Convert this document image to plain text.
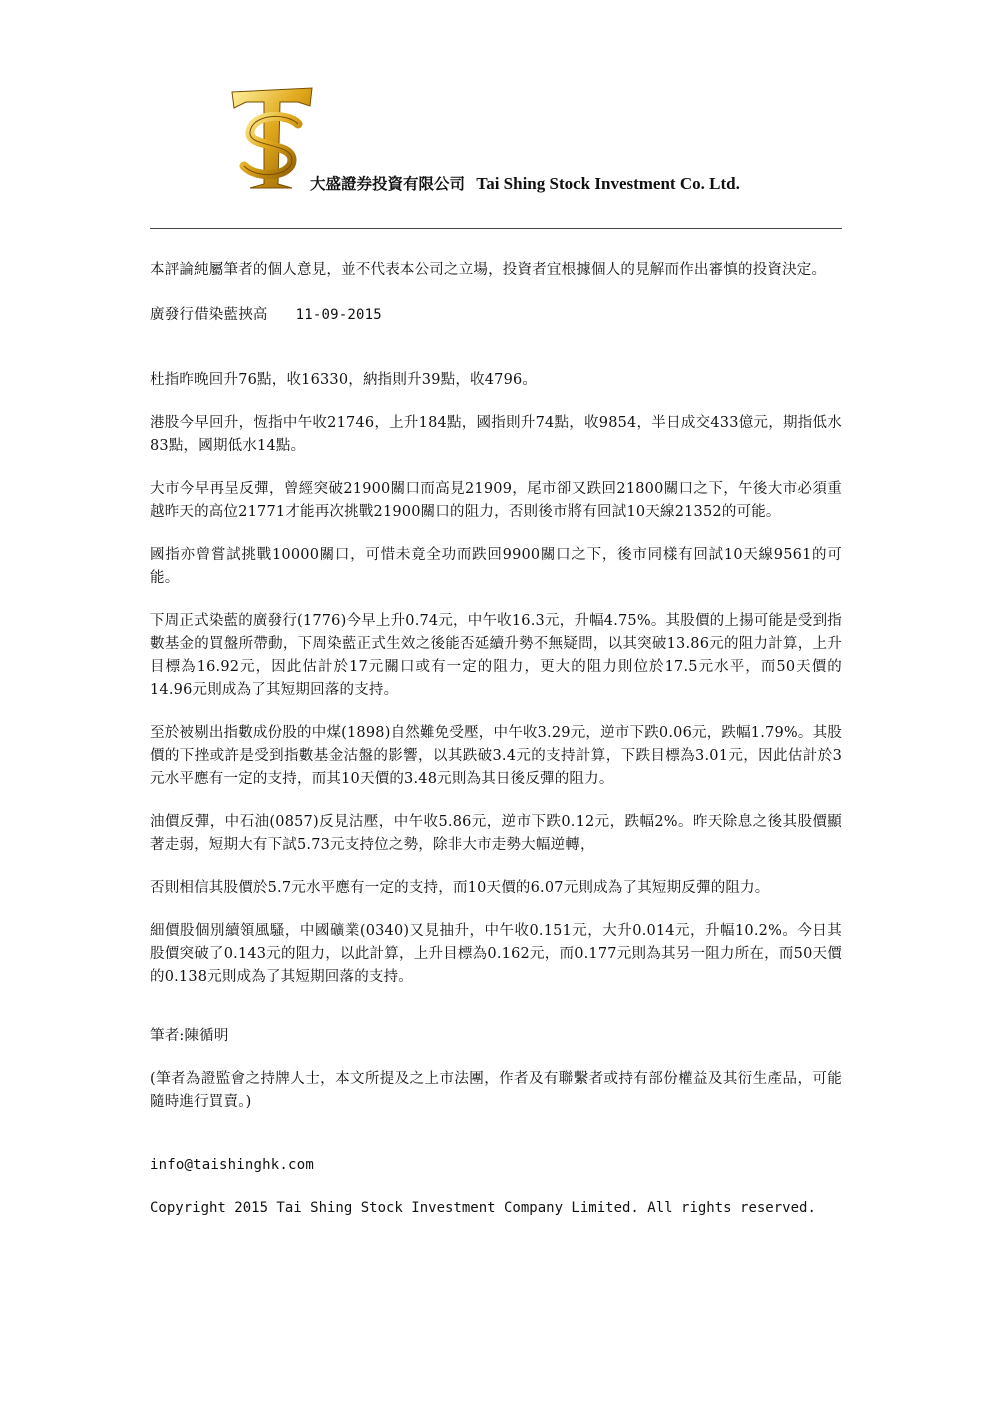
大盛證券投資有限公司 Tai Shing Stock Investment Co. Ltd.

本評論純屬筆者的個人意見，並不代表本公司之立場，投資者宜根據個人的見解而作出審慎的投資決定。

廣發行借染藍挾高 11-09-2015

杜指昨晚回升76點，收16330，納指則升39點，收4796。

港股今早回升，恆指中午收21746，上升184點，國指則升74點，收9854，半日成交433億元，期指低水83點，國期低水14點。

大市今早再呈反彈，曾經突破21900關口而高見21909，尾市卻又跌回21800關口之下，午後大市必須重越昨天的高位21771才能再次挑戰21900關口的阻力，否則後市將有回試10天線21352的可能。

國指亦曾嘗試挑戰10000關口，可惜未竟全功而跌回9900關口之下，後市同樣有回試10天線9561的可能。

下周正式染藍的廣發行(1776)今早上升0.74元，中午收16.3元，升幅4.75%。其股價的上揚可能是受到指數基金的買盤所帶動，下周染藍正式生效之後能否延續升勢不無疑問，以其突破13.86元的阻力計算，上升目標為16.92元，因此估計於17元關口或有一定的阻力，更大的阻力則位於17.5元水平，而50天價的14.96元則成為了其短期回落的支持。

至於被剔出指數成份股的中煤(1898)自然難免受壓，中午收3.29元，逆市下跌0.06元，跌幅1.79%。其股價的下挫或許是受到指數基金沽盤的影響，以其跌破3.4元的支持計算，下跌目標為3.01元，因此估計於3元水平應有一定的支持，而其10天價的3.48元則為其日後反彈的阻力。

油價反彈，中石油(0857)反見沽壓，中午收5.86元，逆市下跌0.12元，跌幅2%。昨天除息之後其股價顯著走弱，短期大有下試5.73元支持位之勢，除非大市走勢大幅逆轉，

否則相信其股價於5.7元水平應有一定的支持，而10天價的6.07元則成為了其短期反彈的阻力。

細價股個別續領風騷，中國礦業(0340)又見抽升，中午收0.151元，大升0.014元，升幅10.2%。今日其股價突破了0.143元的阻力，以此計算，上升目標為0.162元，而0.177元則為其另一阻力所在，而50天價的0.138元則成為了其短期回落的支持。

筆者:陳循明

(筆者為證監會之持牌人士，本文所提及之上市法團，作者及有聯繫者或持有部份權益及其衍生產品，可能隨時進行買賣。)

info@taishinghk.com

Copyright 2015 Tai Shing Stock Investment Company Limited. All rights reserved.
